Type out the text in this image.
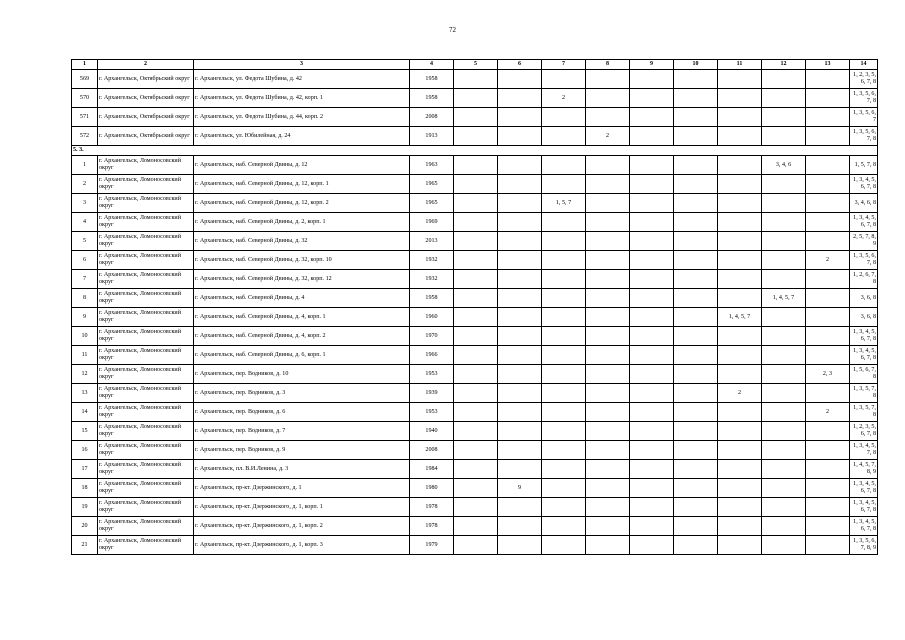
72
1	2	3	4	5	6	7	8	9	10	11	12	13	14
569	г. Архангельск, Октябрьский округ	г. Архангельск, ул. Федота Шубина, д. 42	1958										1, 2, 3, 5, 6, 7, 8
570	г. Архангельск, Октябрьский округ	г. Архангельск, ул. Федота Шубина, д. 42, корп. 1	1958			2							1, 3, 5, 6, 7, 8
571	г. Архангельск, Октябрьский округ	г. Архангельск, ул. Федота Шубина, д. 44, корп. 2	2008										1, 3, 5, 6, 7
572	г. Архангельск, Октябрьский округ	г. Архангельск, ул. Юбилейная, д. 24	1913				2						1, 3, 5, 6, 7, 8
5. 3.													
1	г. Архангельск, Ломоносовский округ	г. Архангельск, наб. Северной Двины, д. 12	1963								3, 4, 6		1, 5, 7, 8
2	г. Архангельск, Ломоносовский округ	г. Архангельск, наб. Северной Двины, д. 12, корп. 1	1965										1, 3, 4, 5, 6, 7, 8
3	г. Архангельск, Ломоносовский округ	г. Архангельск, наб. Северной Двины, д. 12, корп. 2	1965			1, 5, 7							3, 4, 6, 8
4	г. Архангельск, Ломоносовский округ	г. Архангельск, наб. Северной Двины, д. 2, корп. 1	1969										1, 3, 4, 5, 6, 7, 8
5	г. Архангельск, Ломоносовский округ	г. Архангельск, наб. Северной Двины, д. 32	2013										2, 5, 7, 8, 9
6	г. Архангельск, Ломоносовский округ	г. Архангельск, наб. Северной Двины, д. 32, корп. 10	1932									2	1, 3, 5, 6, 7, 8
7	г. Архангельск, Ломоносовский округ	г. Архангельск, наб. Северной Двины, д. 32, корп. 12	1932										1, 2, 6, 7, 8
8	г. Архангельск, Ломоносовский округ	г. Архангельск, наб. Северной Двины, д. 4	1958								1, 4, 5, 7		3, 6, 8
9	г. Архангельск, Ломоносовский округ	г. Архангельск, наб. Северной Двины, д. 4, корп. 1	1960							1, 4, 5, 7			3, 6, 8
10	г. Архангельск, Ломоносовский округ	г. Архангельск, наб. Северной Двины, д. 4, корп. 2	1970										1, 3, 4, 5, 6, 7, 8
11	г. Архангельск, Ломоносовский округ	г. Архангельск, наб. Северной Двины, д. 6, корп. 1	1966										1, 3, 4, 5, 6, 7, 8
12	г. Архангельск, Ломоносовский округ	г. Архангельск, пер. Водников, д. 10	1953									2, 3	1, 5, 6, 7, 8
13	г. Архангельск, Ломоносовский округ	г. Архангельск, пер. Водников, д. 3	1939							2			1, 3, 5, 7, 8
14	г. Архангельск, Ломоносовский округ	г. Архангельск, пер. Водников, д. 6	1953									2	1, 3, 5, 7, 8
15	г. Архангельск, Ломоносовский округ	г. Архангельск, пер. Водников, д. 7	1940										1, 2, 3, 5, 6, 7, 8
16	г. Архангельск, Ломоносовский округ	г. Архангельск, пер. Водников, д. 9	2008										1, 3, 4, 5, 7, 8
17	г. Архангельск, Ломоносовский округ	г. Архангельск, пл. В.И.Ленина, д. 3	1984										1, 4, 5, 7, 8, 9
18	г. Архангельск, Ломоносовский округ	г. Архангельск, пр-кт. Дзержинского, д. 1	1980		9								1, 3, 4, 5, 6, 7, 8
19	г. Архангельск, Ломоносовский округ	г. Архангельск, пр-кт. Дзержинского, д. 1, корп. 1	1978										1, 3, 4, 5, 6, 7, 8
20	г. Архангельск, Ломоносовский округ	г. Архангельск, пр-кт. Дзержинского, д. 1, корп. 2	1978										1, 3, 4, 5, 6, 7, 8
21	г. Архангельск, Ломоносовский округ	г. Архангельск, пр-кт. Дзержинского, д. 1, корп. 3	1979										1, 3, 5, 6, 7, 8, 9
